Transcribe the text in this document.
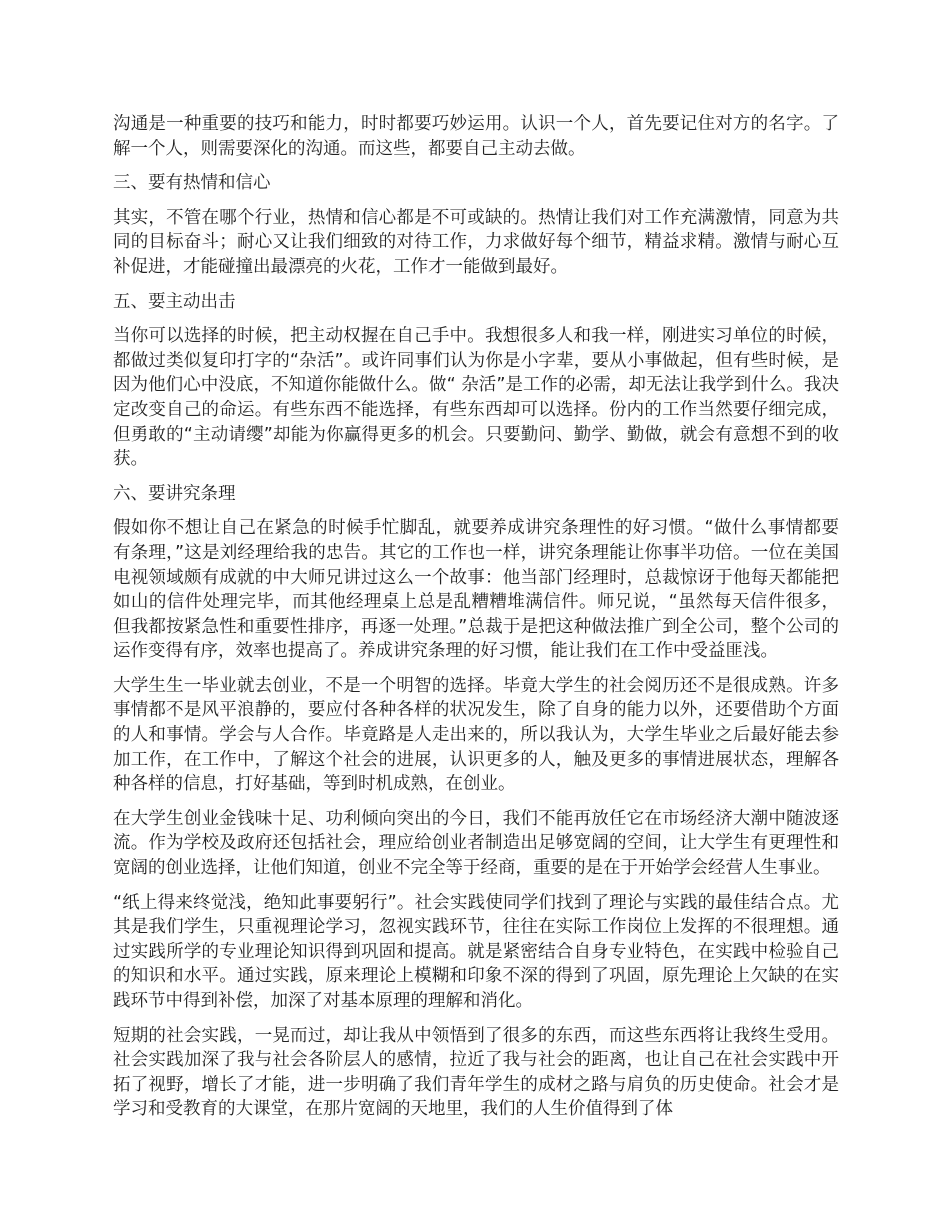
沟通是一种重要的技巧和能力，时时都要巧妙运用。认识一个人，首先要记住对方的名字。了解一个人，则需要深化的沟通。而这些，都要自己主动去做。

三、要有热情和信心

其实，不管在哪个行业，热情和信心都是不可或缺的。热情让我们对工作充满激情，同意为共同的目标奋斗；耐心又让我们细致的对待工作，力求做好每个细节，精益求精。激情与耐心互补促进，才能碰撞出最漂亮的火花，工作才一能做到最好。

五、要主动出击

当你可以选择的时候，把主动权握在自己手中。我想很多人和我一样，刚进实习单位的时候，都做过类似复印打字的“杂活”。或许同事们认为你是小字辈，要从小事做起，但有些时候，是因为他们心中没底，不知道你能做什么。做“ 杂活”是工作的必需，却无法让我学到什么。我决定改变自己的命运。有些东西不能选择，有些东西却可以选择。份内的工作当然要仔细完成，但勇敢的“主动请缨”却能为你赢得更多的机会。只要勤问、勤学、勤做，就会有意想不到的收获。

六、要讲究条理

假如你不想让自己在紧急的时候手忙脚乱，就要养成讲究条理性的好习惯。“做什么事情都要有条理，”这是刘经理给我的忠告。其它的工作也一样，讲究条理能让你事半功倍。一位在美国电视领域颇有成就的中大师兄讲过这么一个故事：他当部门经理时，总裁惊讶于他每天都能把如山的信件处理完毕，而其他经理桌上总是乱糟糟堆满信件。师兄说，“虽然每天信件很多，但我都按紧急性和重要性排序，再逐一处理。”总裁于是把这种做法推广到全公司，整个公司的运作变得有序，效率也提高了。养成讲究条理的好习惯，能让我们在工作中受益匪浅。

大学生生一毕业就去创业，不是一个明智的选择。毕竟大学生的社会阅历还不是很成熟。许多事情都不是风平浪静的，要应付各种各样的状况发生，除了自身的能力以外，还要借助个方面的人和事情。学会与人合作。毕竟路是人走出来的，所以我认为，大学生毕业之后最好能去参加工作，在工作中，了解这个社会的进展，认识更多的人，触及更多的事情进展状态，理解各种各样的信息，打好基础，等到时机成熟，在创业。

在大学生创业金钱味十足、功利倾向突出的今日，我们不能再放任它在市场经济大潮中随波逐流。作为学校及政府还包括社会，理应给创业者制造出足够宽阔的空间，让大学生有更理性和宽阔的创业选择，让他们知道，创业不完全等于经商，重要的是在于开始学会经营人生事业。

“纸上得来终觉浅，绝知此事要躬行”。社会实践使同学们找到了理论与实践的最佳结合点。尤其是我们学生，只重视理论学习，忽视实践环节，往往在实际工作岗位上发挥的不很理想。通过实践所学的专业理论知识得到巩固和提高。就是紧密结合自身专业特色，在实践中检验自己的知识和水平。通过实践，原来理论上模糊和印象不深的得到了巩固，原先理论上欠缺的在实践环节中得到补偿，加深了对基本原理的理解和消化。

短期的社会实践，一晃而过，却让我从中领悟到了很多的东西，而这些东西将让我终生受用。社会实践加深了我与社会各阶层人的感情，拉近了我与社会的距离，也让自己在社会实践中开拓了视野，增长了才能，进一步明确了我们青年学生的成材之路与肩负的历史使命。社会才是学习和受教育的大课堂，在那片宽阔的天地里，我们的人生价值得到了体
